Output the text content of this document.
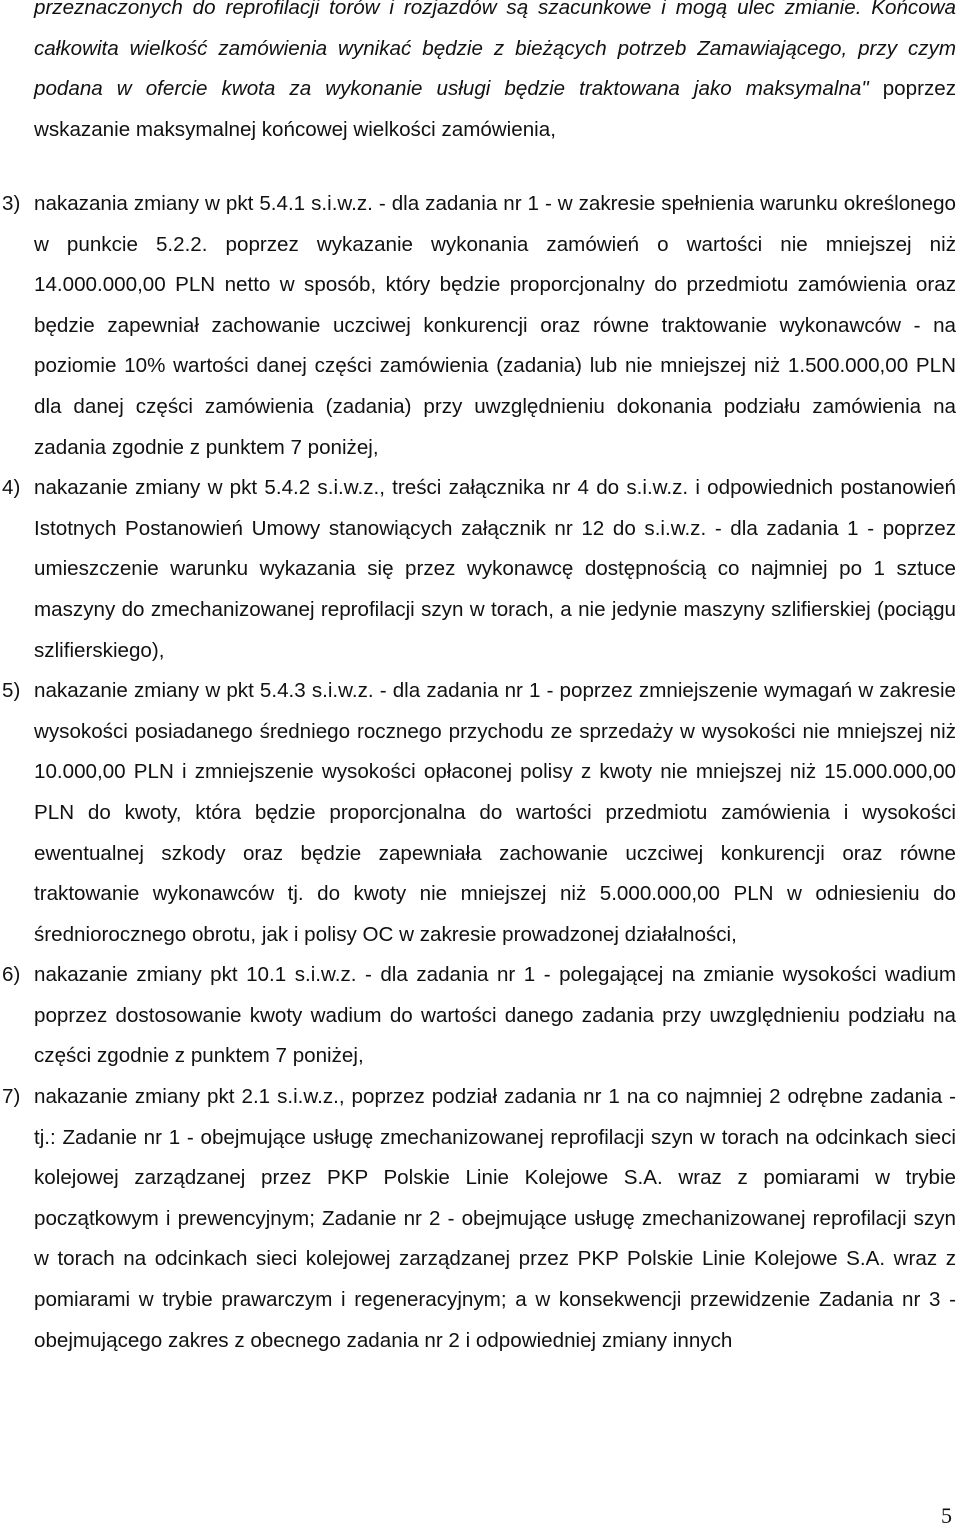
przeznaczonych do reprofilacji torów i rozjazdów są szacunkowe i mogą ulec zmianie. Końcowa całkowita wielkość zamówienia wynikać będzie z bieżących potrzeb Zamawiającego, przy czym podana w ofercie kwota za wykonanie usługi będzie traktowana jako maksymalna" poprzez wskazanie maksymalnej końcowej wielkości zamówienia,
3) nakazania zmiany w pkt 5.4.1 s.i.w.z. - dla zadania nr 1 - w zakresie spełnienia warunku określonego w punkcie 5.2.2. poprzez wykazanie wykonania zamówień o wartości nie mniejszej niż 14.000.000,00 PLN netto w sposób, który będzie proporcjonalny do przedmiotu zamówienia oraz będzie zapewniał zachowanie uczciwej konkurencji oraz równe traktowanie wykonawców - na poziomie 10% wartości danej części zamówienia (zadania) lub nie mniejszej niż 1.500.000,00 PLN dla danej części zamówienia (zadania) przy uwzględnieniu dokonania podziału zamówienia na zadania zgodnie z punktem 7 poniżej,
4) nakazanie zmiany w pkt 5.4.2 s.i.w.z., treści załącznika nr 4 do s.i.w.z. i odpowiednich postanowień Istotnych Postanowień Umowy stanowiących załącznik nr 12 do s.i.w.z. - dla zadania 1 - poprzez umieszczenie warunku wykazania się przez wykonawcę dostępnością co najmniej po 1 sztuce maszyny do zmechanizowanej reprofilacji szyn w torach, a nie jedynie maszyny szlifierskiej (pociągu szlifierskiego),
5) nakazanie zmiany w pkt 5.4.3 s.i.w.z. - dla zadania nr 1 - poprzez zmniejszenie wymagań w zakresie wysokości posiadanego średniego rocznego przychodu ze sprzedaży w wysokości nie mniejszej niż 10.000,00 PLN i zmniejszenie wysokości opłaconej polisy z kwoty nie mniejszej niż 15.000.000,00 PLN do kwoty, która będzie proporcjonalna do wartości przedmiotu zamówienia i wysokości ewentualnej szkody oraz będzie zapewniała zachowanie uczciwej konkurencji oraz równe traktowanie wykonawców tj. do kwoty nie mniejszej niż 5.000.000,00 PLN w odniesieniu do średniorocznego obrotu, jak i polisy OC w zakresie prowadzonej działalności,
6) nakazanie zmiany pkt 10.1 s.i.w.z. - dla zadania nr 1 - polegającej na zmianie wysokości wadium poprzez dostosowanie kwoty wadium do wartości danego zadania przy uwzględnieniu podziału na części zgodnie z punktem 7 poniżej,
7) nakazanie zmiany pkt 2.1 s.i.w.z., poprzez podział zadania nr 1 na co najmniej 2 odrębne zadania - tj.: Zadanie nr 1 - obejmujące usługę zmechanizowanej reprofilacji szyn w torach na odcinkach sieci kolejowej zarządzanej przez PKP Polskie Linie Kolejowe S.A. wraz z pomiarami w trybie początkowym i prewencyjnym; Zadanie nr 2 - obejmujące usługę zmechanizowanej reprofilacji szyn w torach na odcinkach sieci kolejowej zarządzanej przez PKP Polskie Linie Kolejowe S.A. wraz z pomiarami w trybie prawarczym i regeneracyjnym; a w konsekwencji przewidzenie Zadania nr 3 - obejmującego zakres z obecnego zadania nr 2 i odpowiedniej zmiany innych
5
